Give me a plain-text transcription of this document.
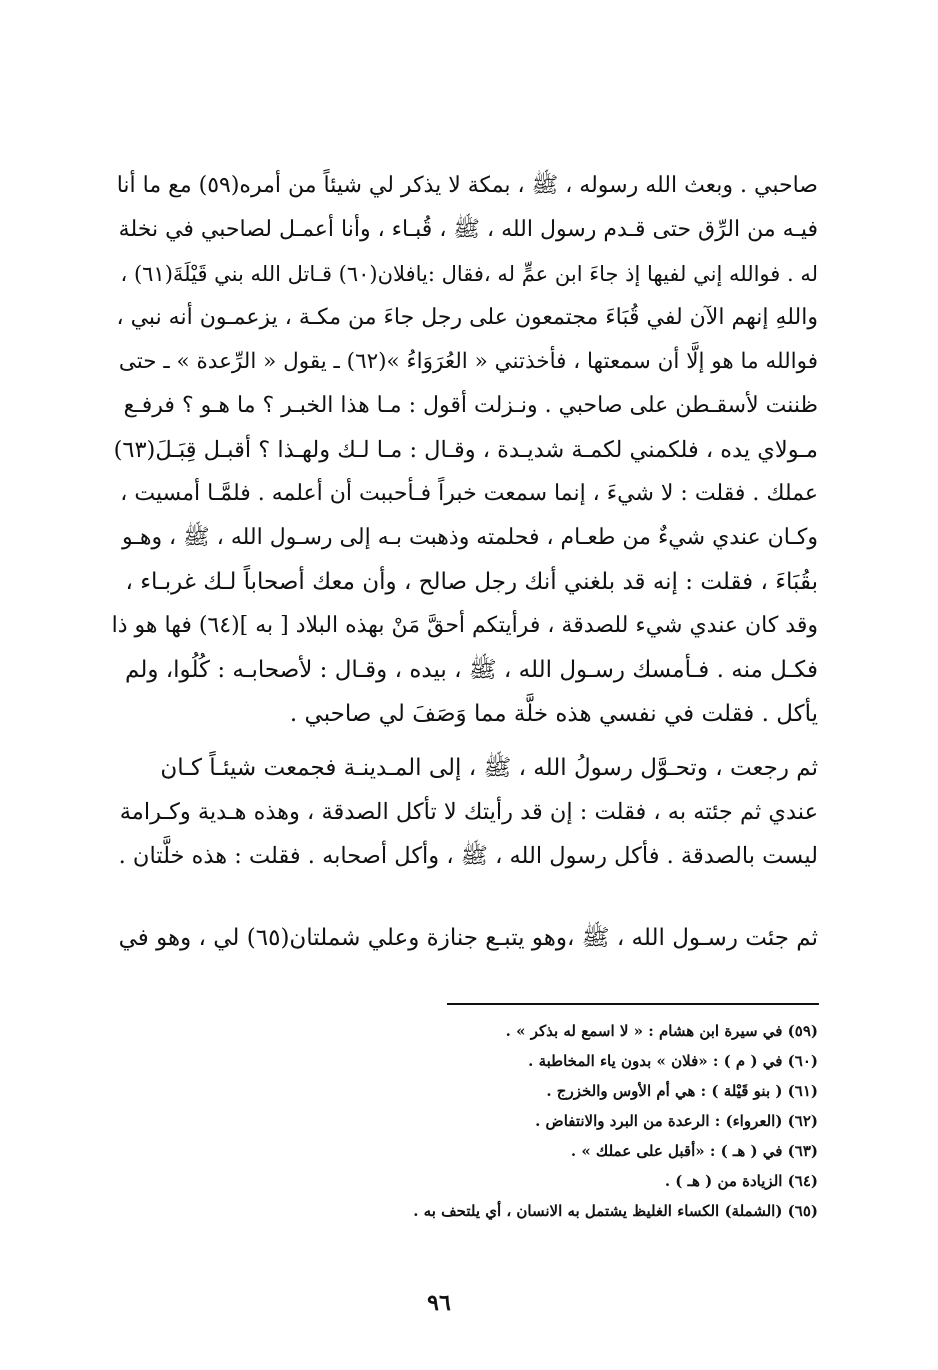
صاحبي . وبعث الله رسوله ، ﷺ ، بمكة لا يذكر لي شيئاً من أمره(٥٩) مع ما أنا
فيـه من الرِّق حتى قـدم رسول الله ، ﷺ ، قُبـاء ، وأنا أعمـل لصاحبي في نخلة
له . فوالله إني لفيها إذ جاءَ ابن عمٍّ له ،فقال :يافلان(٦٠) قـاتل الله بني قَيْلَةَ(٦١) ،
واللهِ إنهم الآن لفي قُبَاءَ مجتمعون على رجل جاءَ من مكـة ، يزعمـون أنه نبي ،
فوالله ما هو إلَّا أن سمعتها ، فأخذتني « العُرَوَاءُ »(٦٢) ـ يقول « الرِّعدة » ـ حتى
ظننت لأسقـطن على صاحبي . ونـزلت أقول : مـا هذا الخبـر ؟ ما هـو ؟ فرفـع
مـولاي يده ، فلكمني لكمـة شديـدة ، وقـال : مـا لـك ولهـذا ؟ أقبـل قِبَـلَ(٦٣)
عملك . فقلت : لا شيءَ ، إنما سمعت خبراً فـأحببت أن أعلمه . فلمَّـا أمسيت ،
وكـان عندي شيءٌ من طعـام ، فحلمته وذهبت بـه إلى رسـول الله ، ﷺ ، وهـو
بقُبَاءَ ، فقلت : إنه قد بلغني أنك رجل صالح ، وأن معك أصحاباً لـك غربـاء ،
وقد كان عندي شيء للصدقة ، فرأيتكم أحقَّ مَنْ بهذه البلاد [ به ](٦٤) فها هو ذا
فكـل منه . فـأمسك رسـول الله ، ﷺ ، بيده ، وقـال : لأصحابـه : كُلُوا، ولم
يأكل . فقلت في نفسي هذه خلَّة مما وَصَفَ لي صاحبي .
ثم رجعت ، وتحـوَّل رسولُ الله ، ﷺ ، إلى المـدينـة فجمعت شيئـاً كـان
عندي ثم جئته به ، فقلت : إن قد رأيتك لا تأكل الصدقة ، وهذه هـدية وكـرامة
ليست بالصدقة . فأكل رسول الله ، ﷺ ، وأكل أصحابه . فقلت : هذه خلَّتان .
ثم جئت رسـول الله ، ﷺ ،وهو يتبـع جنازة وعلي شملتان(٦٥) لي ، وهو في
(٥٩) في سيرة ابن هشام : « لا اسمع له بذكر » .
(٦٠) في ( م ) : «فلان » بدون ياء المخاطبة .
(٦١) ( بنو قَيْلة ) : هي أم الأوس والخزرج .
(٦٢) (العرواء) : الرعدة من البرد والانتفاض .
(٦٣) في ( هـ ) : «أقبل على عملك » .
(٦٤) الزيادة من ( هـ ) .
(٦٥) (الشملة) الكساء الغليظ يشتمل به الانسان ، أي يلتحف به .
٩٦
